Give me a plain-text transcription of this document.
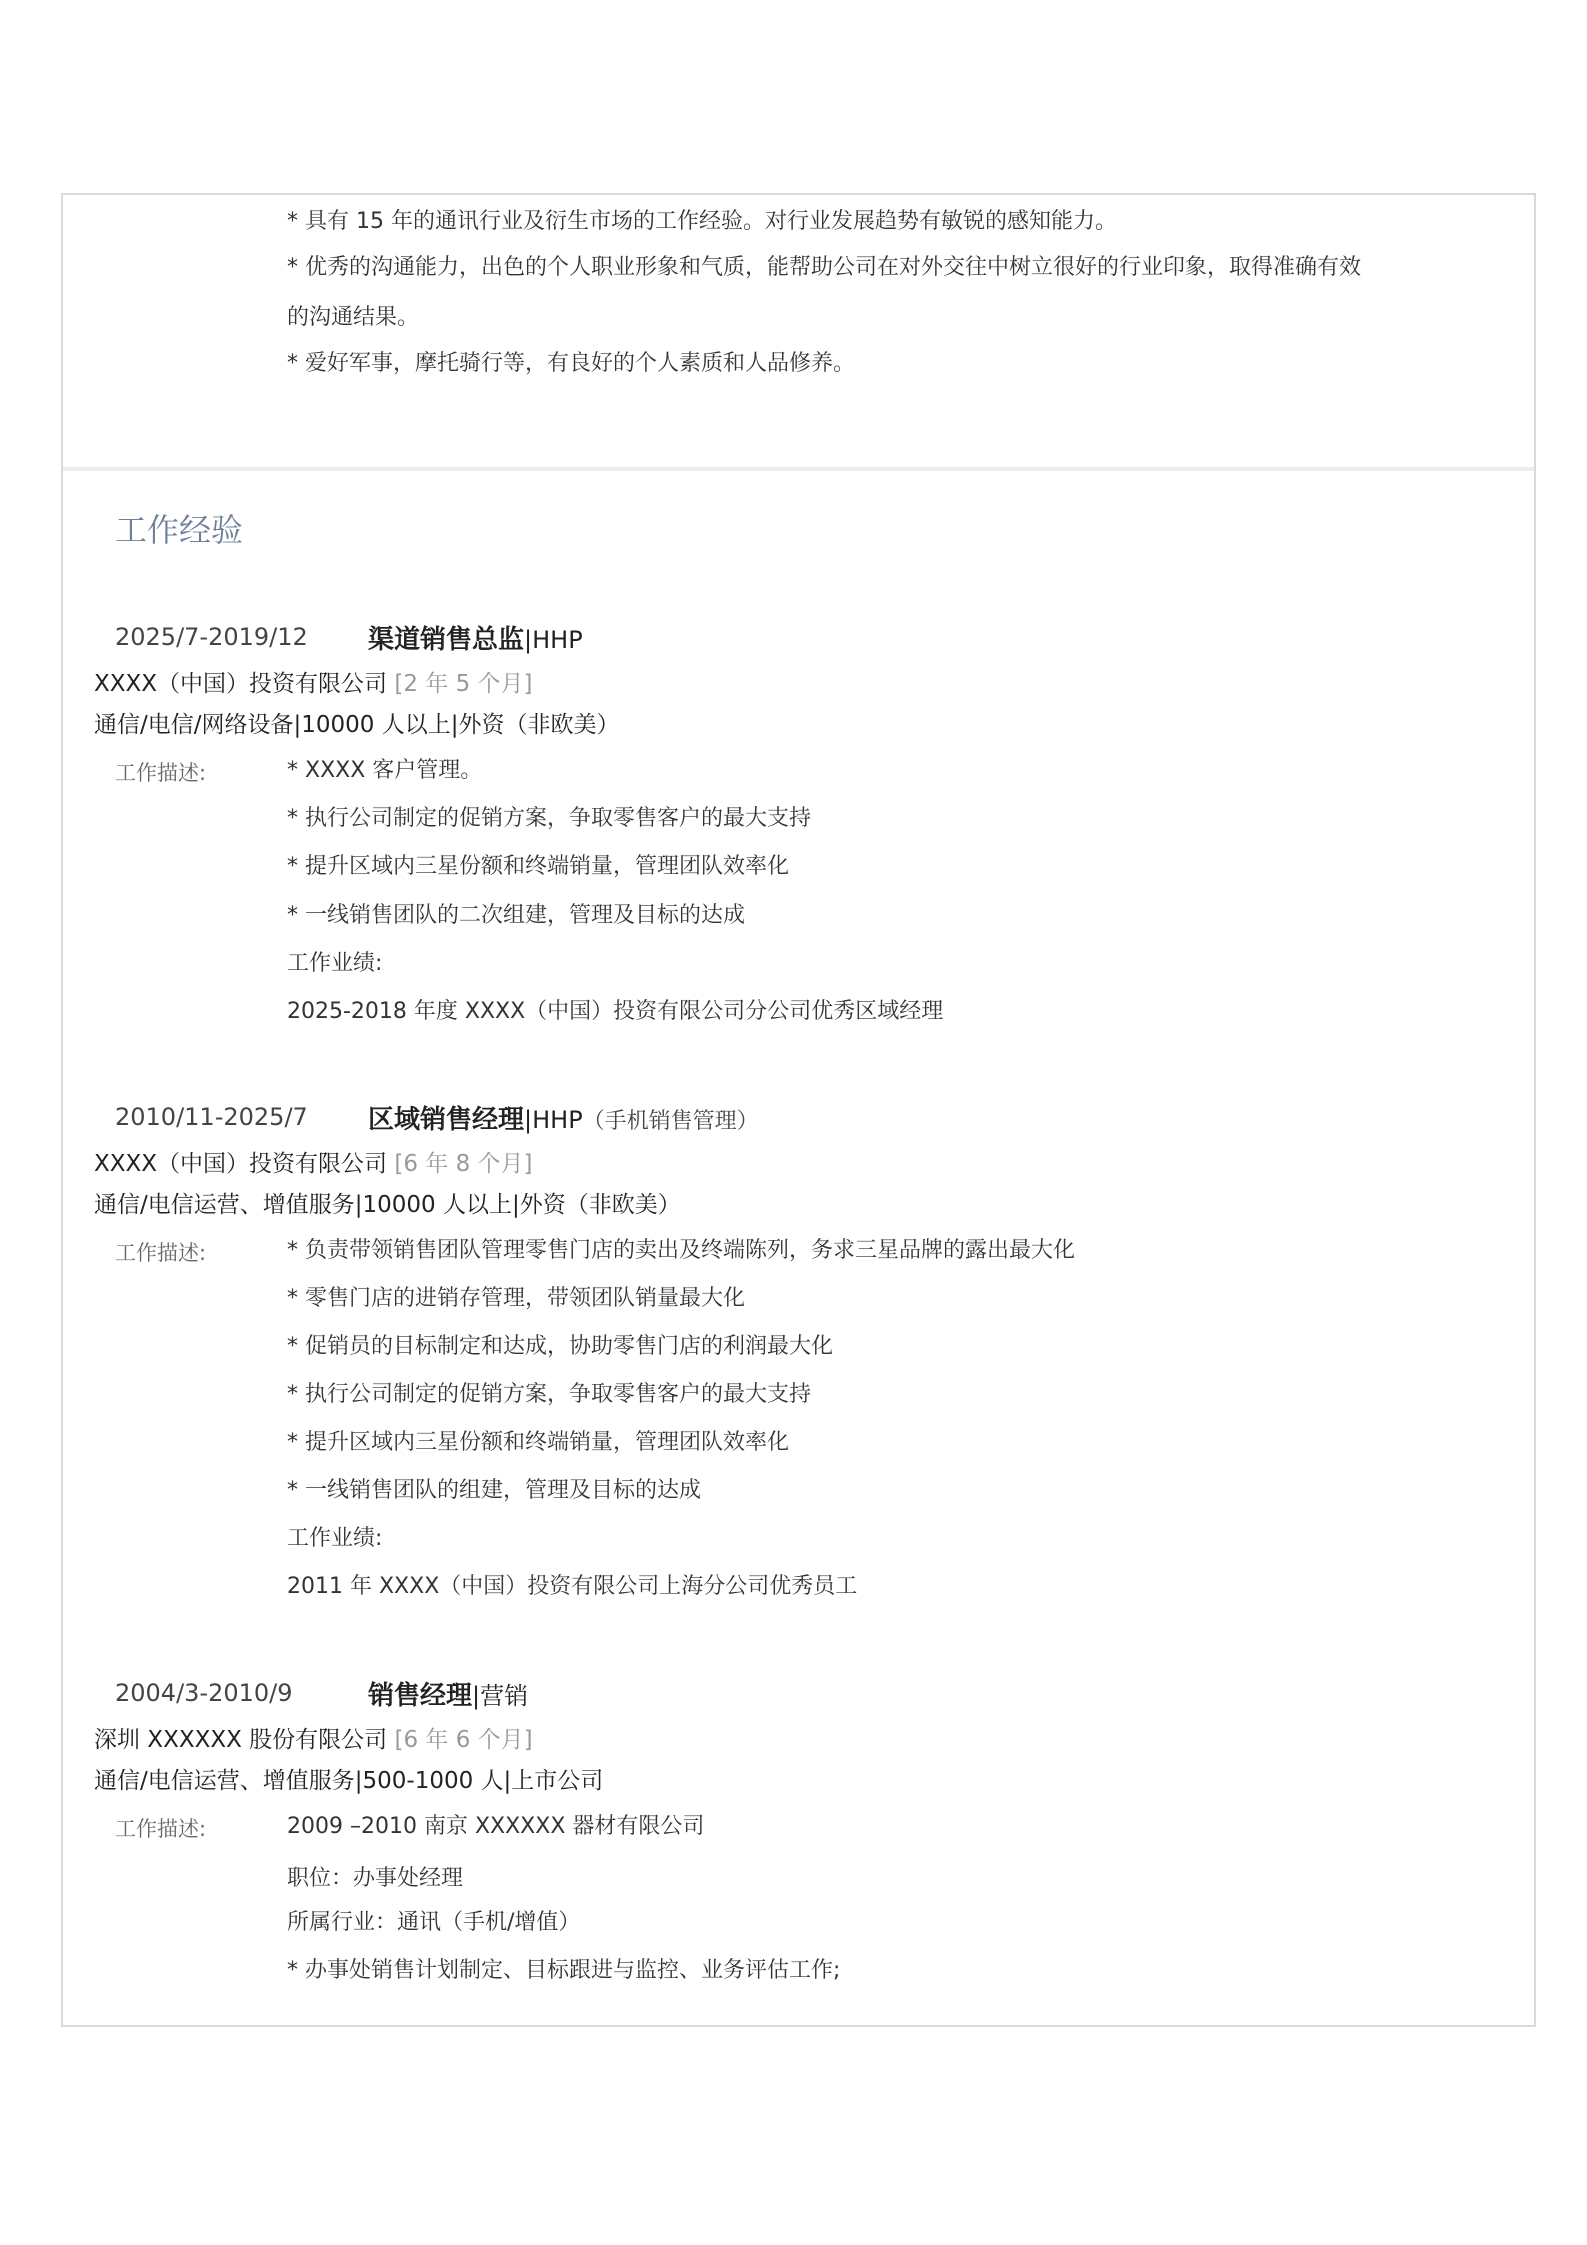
* 具有 15 年的通讯行业及衍生市场的工作经验。对行业发展趋势有敏锐的感知能力。
* 优秀的沟通能力，出色的个人职业形象和气质，能帮助公司在对外交往中树立很好的行业印象，取得准确有效
的沟通结果。
* 爱好军事，摩托骑行等，有良好的个人素质和人品修养。
工作经验
2025/7-2019/12 渠道销售总监|HHP
XXXX（中国）投资有限公司 [2 年 5 个月]
通信/电信/网络设备|10000 人以上|外资（非欧美）
工作描述:	* XXXX 客户管理。
* 执行公司制定的促销方案，争取零售客户的最大支持
* 提升区域内三星份额和终端销量，管理团队效率化
* 一线销售团队的二次组建，管理及目标的达成
工作业绩:
2025-2018 年度 XXXX（中国）投资有限公司分公司优秀区域经理
2010/11-2025/7 区域销售经理|HHP（手机销售管理）
XXXX（中国）投资有限公司 [6 年 8 个月]
通信/电信运营、增值服务|10000 人以上|外资（非欧美）
工作描述:	* 负责带领销售团队管理零售门店的卖出及终端陈列，务求三星品牌的露出最大化
* 零售门店的进销存管理，带领团队销量最大化
* 促销员的目标制定和达成，协助零售门店的利润最大化
* 执行公司制定的促销方案，争取零售客户的最大支持
* 提升区域内三星份额和终端销量，管理团队效率化
* 一线销售团队的组建，管理及目标的达成
工作业绩:
2011 年 XXXX（中国）投资有限公司上海分公司优秀员工
2004/3-2010/9	销售经理|营销
深圳 XXXXXX 股份有限公司 [6 年 6 个月]
通信/电信运营、增值服务|500-1000 人|上市公司
工作描述:	2009 –2010 南京 XXXXXX 器材有限公司
职位：办事处经理
所属行业：通讯（手机/增值）
* 办事处销售计划制定、目标跟进与监控、业务评估工作;
